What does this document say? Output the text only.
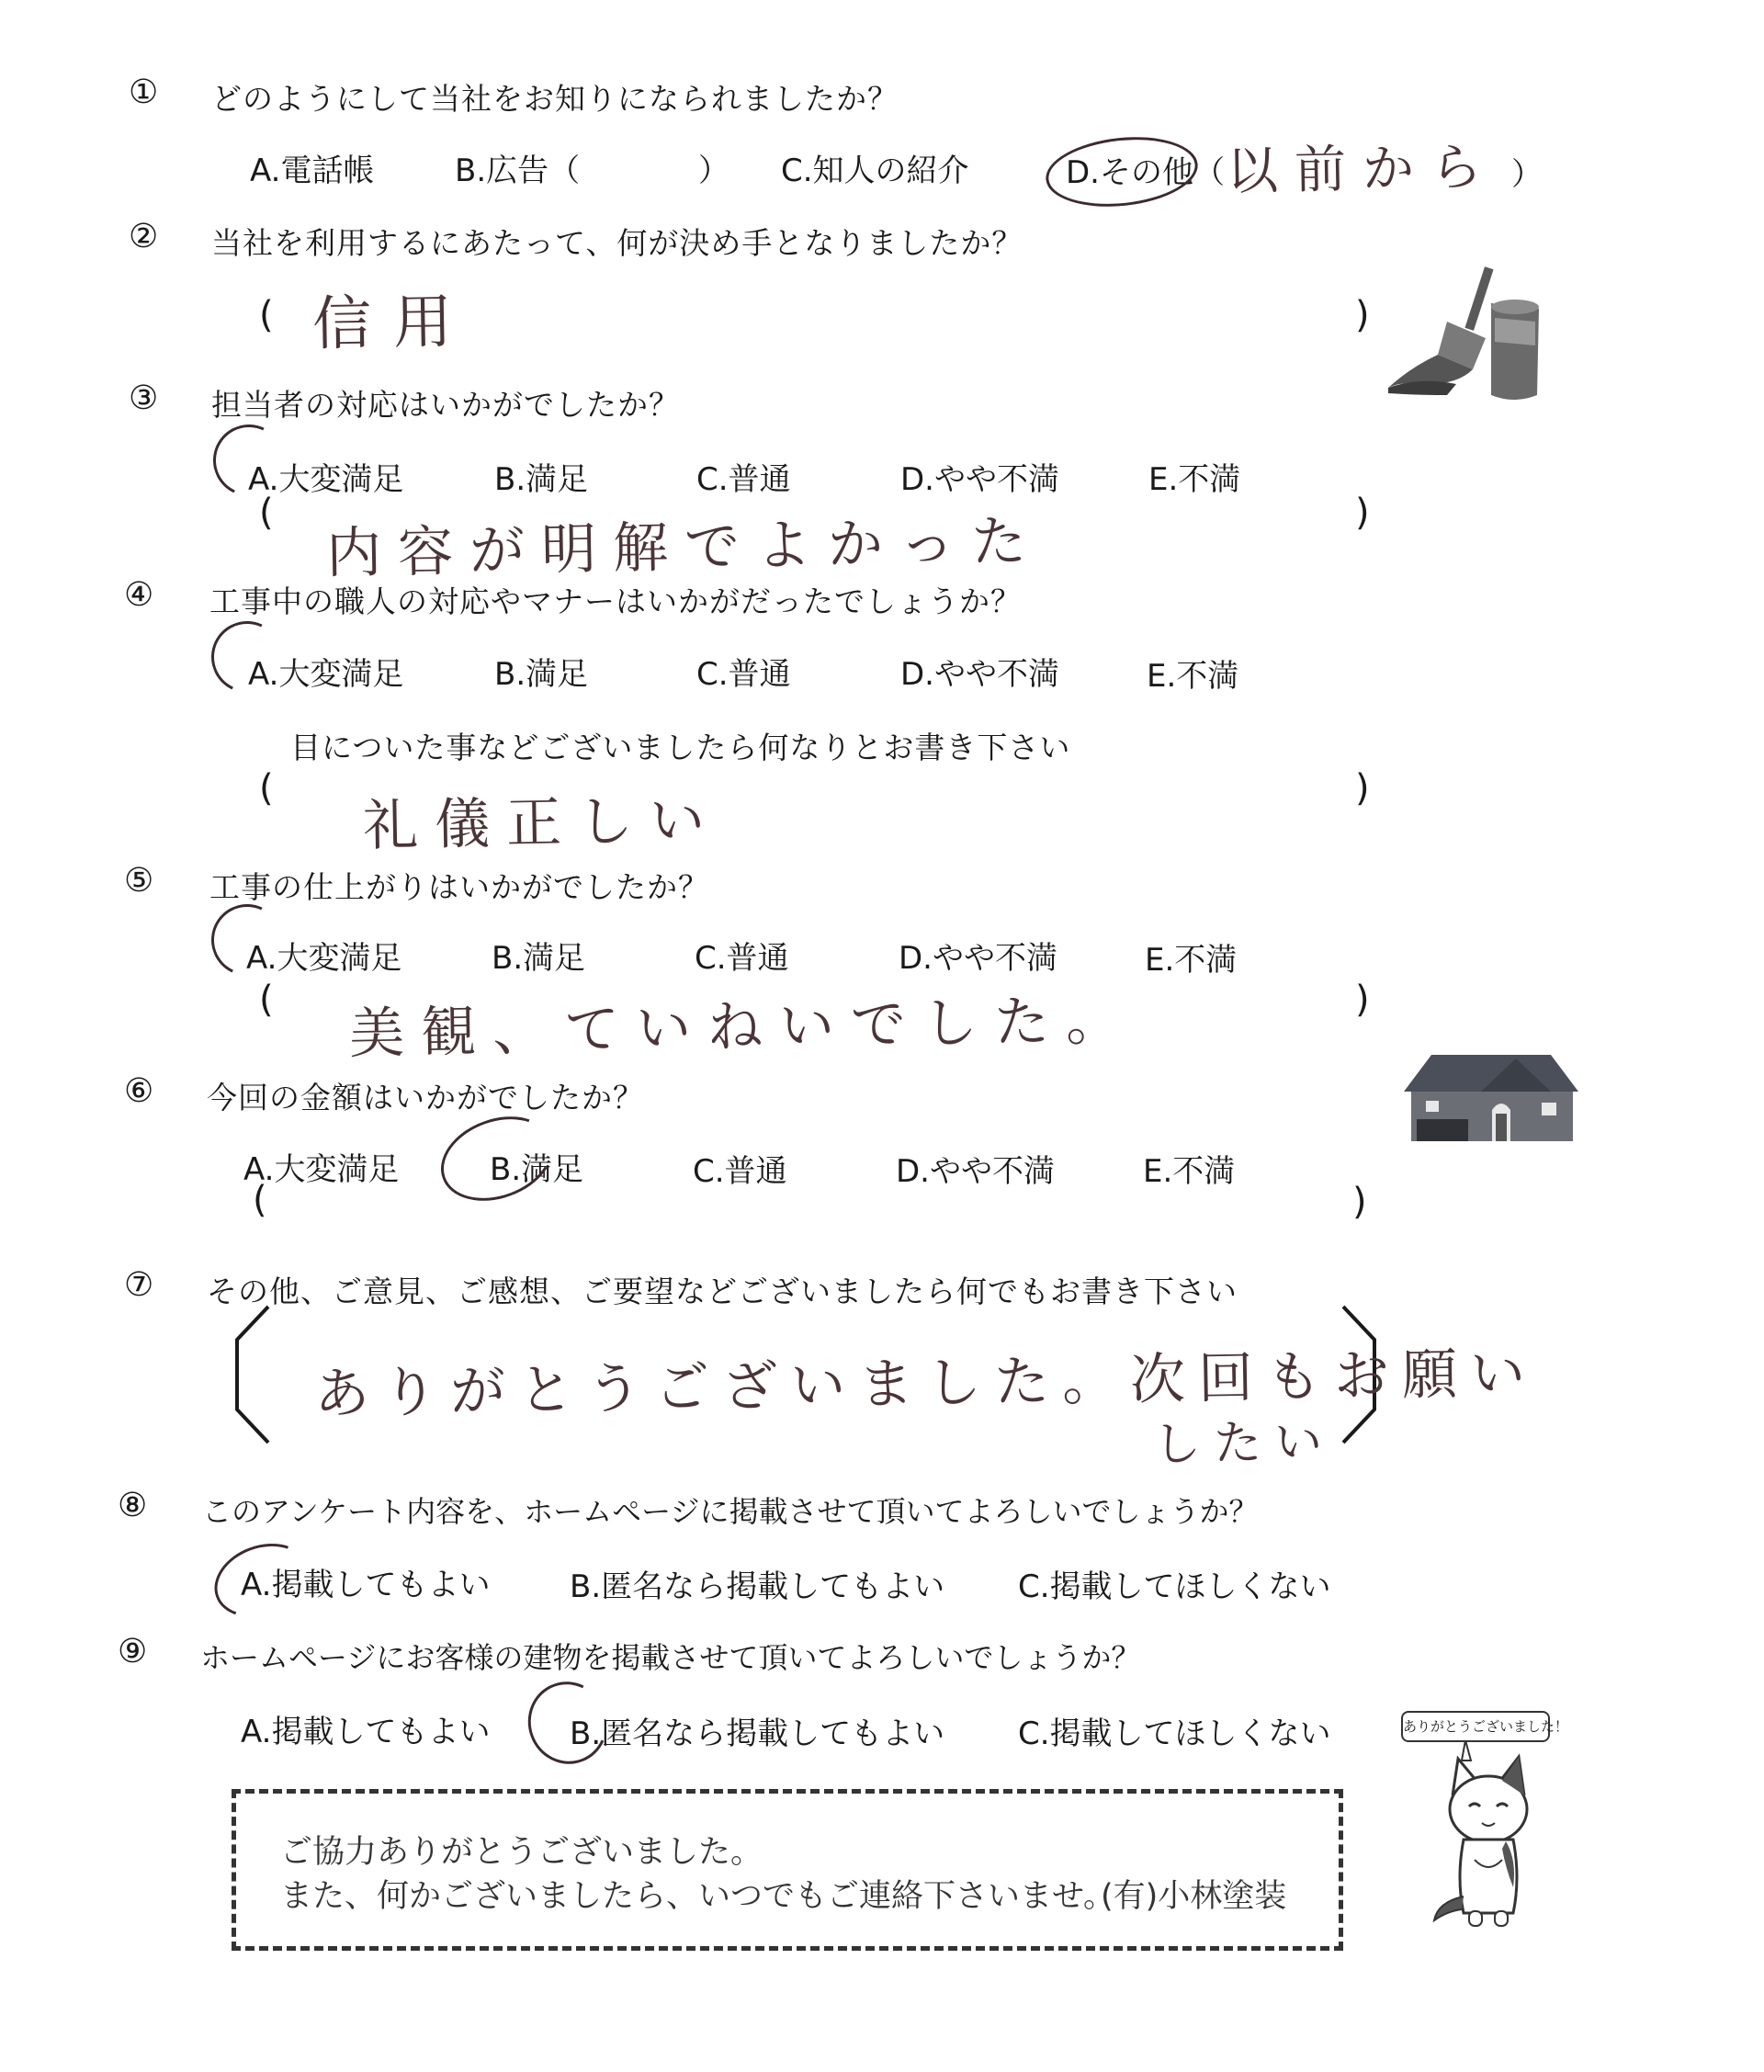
① どのようにして当社をお知りになられましたか？
A.電話帳	B.広告（	） C.知人の紹介	D.その他（ 以前から ）
② 当社を利用するにあたって、何が決め手となりましたか？
( 信用	)
③ 担当者の対応はいかがでしたか？
A.大変満足	B.満足	C.普通	D.やや不満	E.不満
( 内容が明解でよかった	)
④ 工事中の職人の対応やマナーはいかがだったでしょうか？
A.大変満足	B.満足	C.普通	D.やや不満	E.不満
目についた事などございましたら何なりとお書き下さい
( 礼儀正しい	)
⑤ 工事の仕上がりはいかがでしたか？
A.大変満足	B.満足	C.普通	D.やや不満	E.不満
( 美観、ていねいでした。	)
⑥ 今回の金額はいかがでしたか？
A.大変満足	B.満足	C.普通	D.やや不満	E.不満
(	)
⑦ その他、ご意見、ご感想、ご要望などございましたら何でもお書き下さい
ありがとうございました。次回もお願い
したい
⑧ このアンケート内容を、ホームページに掲載させて頂いてよろしいでしょうか？
A.掲載してもよい	B.匿名なら掲載してもよい C.掲載してほしくない
⑨ ホームページにお客様の建物を掲載させて頂いてよろしいでしょうか？
A.掲載してもよい	B.匿名なら掲載してもよい C.掲載してほしくない
ご協力ありがとうございました。
また、何かございましたら、いつでもご連絡下さいませ。
(有)小林塗装
ありがとうございました！
